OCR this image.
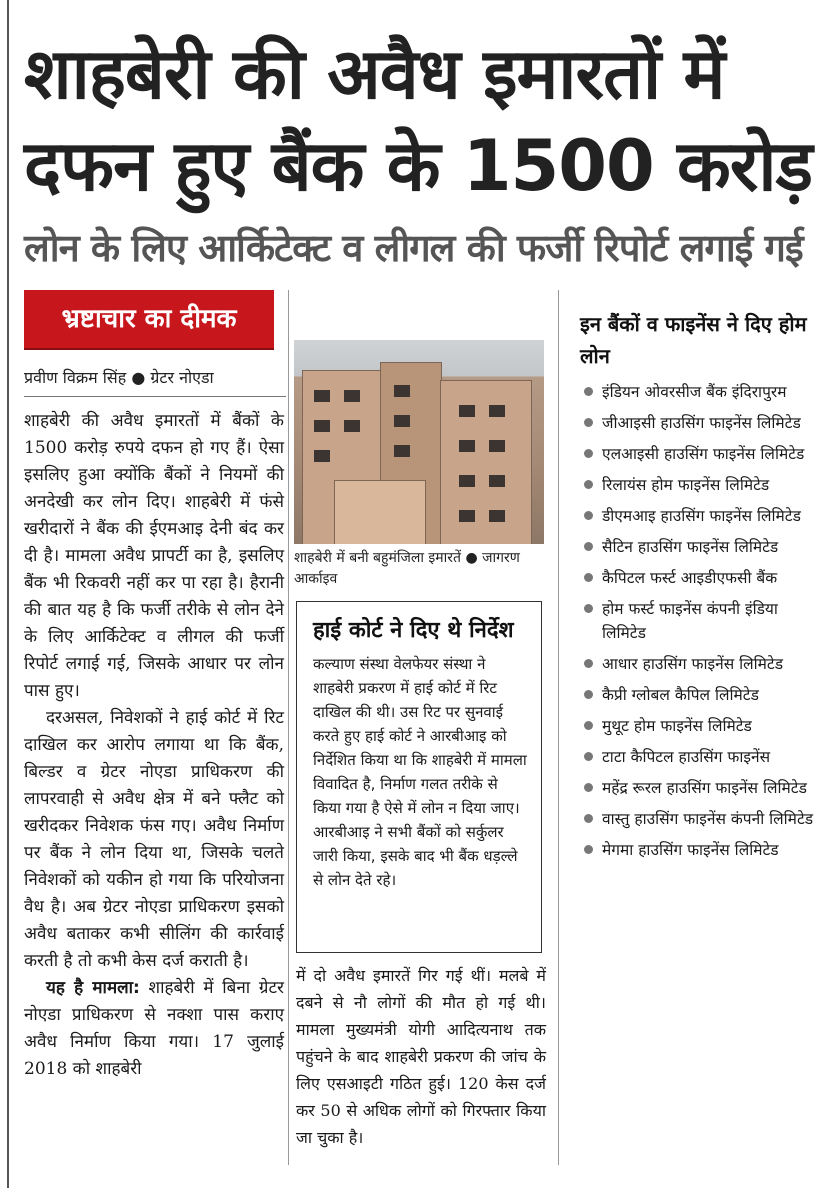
शाहबेरी की अवैध इमारतों में
दफन हुए बैंक के 1500 करोड़
लोन के लिए आर्किटेक्ट व लीगल की फर्जी रिपोर्ट लगाई गई
भ्रष्टाचार का दीमक
प्रवीण विक्रम सिंह ● ग्रेटर नोएडा

शाहबेरी की अवैध इमारतों में बैंकों के 1500 करोड़ रुपये दफन हो गए हैं। ऐसा इसलिए हुआ क्योंकि बैंकों ने नियमों की अनदेखी कर लोन दिए। शाहबेरी में फंसे खरीदारों ने बैंक की ईएमआइ देनी बंद कर दी है। मामला अवैध प्रापर्टी का है, इसलिए बैंक भी रिकवरी नहीं कर पा रहा है। हैरानी की बात यह है कि फर्जी तरीके से लोन देने के लिए आर्किटेक्ट व लीगल की फर्जी रिपोर्ट लगाई गई, जिसके आधार पर लोन पास हुए।

दरअसल, निवेशकों ने हाई कोर्ट में रिट दाखिल कर आरोप लगाया था कि बैंक, बिल्डर व ग्रेटर नोएडा प्राधिकरण की लापरवाही से अवैध क्षेत्र में बने फ्लैट को खरीदकर निवेशक फंस गए। अवैध निर्माण पर बैंक ने लोन दिया था, जिसके चलते निवेशकों को यकीन हो गया कि परियोजना वैध है। अब ग्रेटर नोएडा प्राधिकरण इसको अवैध बताकर कभी सीलिंग की कार्रवाई करती है तो कभी केस दर्ज कराती है।

यह है मामला: शाहबेरी में बिना ग्रेटर नोएडा प्राधिकरण से नक्शा पास कराए अवैध निर्माण किया गया। 17 जुलाई 2018 को शाहबेरी

शाहबेरी में बनी बहुमंजिला इमारतें ● जागरण आर्काइव
हाई कोर्ट ने दिए थे निर्देश
कल्याण संस्था वेलफेयर संस्था ने शाहबेरी प्रकरण में हाई कोर्ट में रिट दाखिल की थी। उस रिट पर सुनवाई करते हुए हाई कोर्ट ने आरबीआइ को निर्देशित किया था कि शाहबेरी में मामला विवादित है, निर्माण गलत तरीके से किया गया है ऐसे में लोन न दिया जाए। आरबीआइ ने सभी बैंकों को सर्कुलर जारी किया, इसके बाद भी बैंक धड़ल्ले से लोन देते रहे।
में दो अवैध इमारतें गिर गई थीं। मलबे में दबने से नौ लोगों की मौत हो गई थी। मामला मुख्यमंत्री योगी आदित्यनाथ तक पहुंचने के बाद शाहबेरी प्रकरण की जांच के लिए एसआइटी गठित हुई। 120 केस दर्ज कर 50 से अधिक लोगों को गिरफ्तार किया जा चुका है।
इन बैंकों व फाइनेंस ने दिए होम लोन
इंडियन ओवरसीज बैंक इंदिरापुरम
जीआइसी हाउसिंग फाइनेंस लिमिटेड
एलआइसी हाउसिंग फाइनेंस लिमिटेड
रिलायंस होम फाइनेंस लिमिटेड
डीएमआइ हाउसिंग फाइनेंस लिमिटेड
सैटिन हाउसिंग फाइनेंस लिमिटेड
कैपिटल फर्स्ट आइडीएफसी बैंक
होम फर्स्ट फाइनेंस कंपनी इंडिया लिमिटेड
आधार हाउसिंग फाइनेंस लिमिटेड
कैप्री ग्लोबल कैपिल लिमिटेड
मुथूट होम फाइनेंस लिमिटेड
टाटा कैपिटल हाउसिंग फाइनेंस
महेंद्र रूरल हाउसिंग फाइनेंस लिमिटेड
वास्तु हाउसिंग फाइनेंस कंपनी लिमिटेड
मेगमा हाउसिंग फाइनेंस लिमिटेड
